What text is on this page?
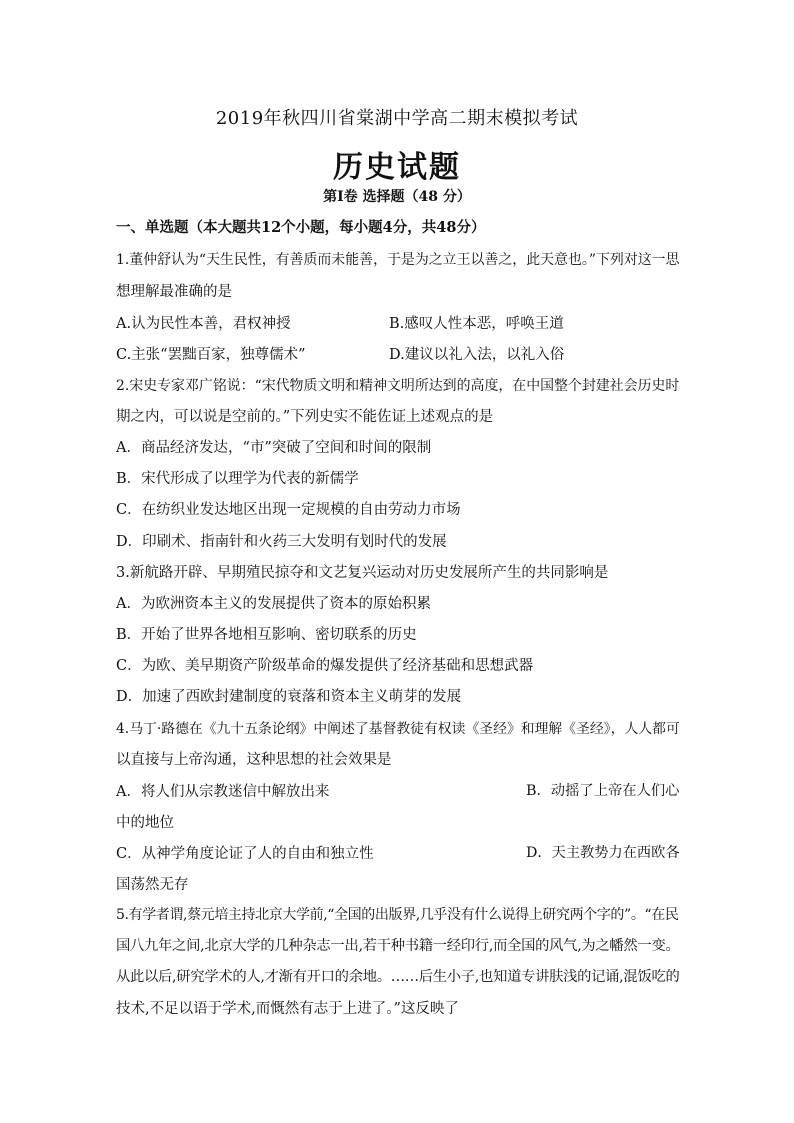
2019年秋四川省棠湖中学高二期末模拟考试
历史试题
第Ⅰ卷 选择题（48 分）
一、单选题（本大题共12个小题，每小题4分，共48分）
1.董仲舒认为“天生民性，有善质而未能善，于是为之立王以善之，此天意也。”下列对这一思
想理解最准确的是
A.认为民性本善，君权神授	B.感叹人性本恶，呼唤王道
C.主张“罢黜百家，独尊儒术”	D.建议以礼入法，以礼入俗
2.宋史专家邓广铭说：“宋代物质文明和精神文明所达到的高度，在中国整个封建社会历史时
期之内，可以说是空前的。”下列史实不能佐证上述观点的是
A．商品经济发达，“市”突破了空间和时间的限制
B．宋代形成了以理学为代表的新儒学
C．在纺织业发达地区出现一定规模的自由劳动力市场
D．印刷术、指南针和火药三大发明有划时代的发展
3.新航路开辟、早期殖民掠夺和文艺复兴运动对历史发展所产生的共同影响是
A．为欧洲资本主义的发展提供了资本的原始积累
B．开始了世界各地相互影响、密切联系的历史
C．为欧、美早期资产阶级革命的爆发提供了经济基础和思想武器
D．加速了西欧封建制度的衰落和资本主义萌芽的发展
4.马丁·路德在《九十五条论纲》中阐述了基督教徒有权读《圣经》和理解《圣经》，人人都可
以直接与上帝沟通，这种思想的社会效果是
A．将人们从宗教迷信中解放出来	B．动摇了上帝在人们心
中的地位
C．从神学角度论证了人的自由和独立性	D．天主教势力在西欧各
国荡然无存
5.有学者谓,蔡元培主持北京大学前,“全国的出版界,几乎没有什么说得上研究两个字的”。“在民
国八九年之间,北京大学的几种杂志一出,若干种书籍一经印行,而全国的风气,为之幡然一变。
从此以后,研究学术的人,才渐有开口的余地。……后生小子,也知道专讲肤浅的记诵,混饭吃的
技术,不足以语于学术,而慨然有志于上进了。”这反映了
